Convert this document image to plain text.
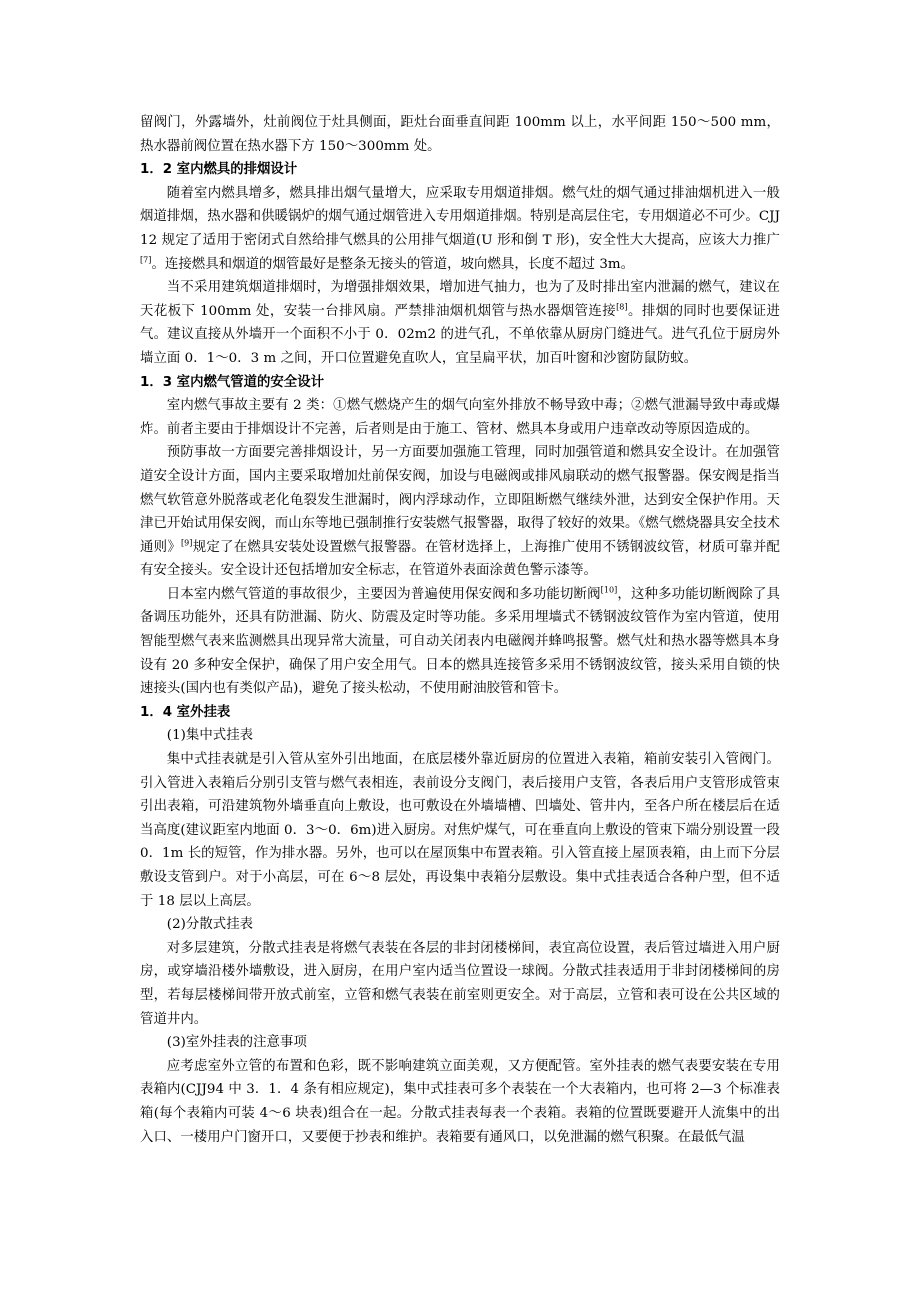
留阀门，外露墙外，灶前阀位于灶具侧面，距灶台面垂直间距 100mm 以上，水平间距 150～500 mm，热水器前阀位置在热水器下方 150～300mm 处。

1．2 室内燃具的排烟设计

随着室内燃具增多，燃具排出烟气量增大，应采取专用烟道排烟。燃气灶的烟气通过排油烟机进入一般烟道排烟，热水器和供暖锅炉的烟气通过烟管进入专用烟道排烟。特别是高层住宅，专用烟道必不可少。CJJ 12 规定了适用于密闭式自然给排气燃具的公用排气烟道(U 形和倒 T 形)，安全性大大提高，应该大力推广[7]。连接燃具和烟道的烟管最好是整条无接头的管道，坡向燃具，长度不超过 3m。

当不采用建筑烟道排烟时，为增强排烟效果，增加进气抽力，也为了及时排出室内泄漏的燃气，建议在天花板下 100mm 处，安装一台排风扇。严禁排油烟机烟管与热水器烟管连接[8]。排烟的同时也要保证进气。建议直接从外墙开一个面积不小于 0．02m2 的进气孔，不单依靠从厨房门缝进气。进气孔位于厨房外墙立面 0．1～0．3 m 之间，开口位置避免直吹人，宜呈扁平状，加百叶窗和沙窗防鼠防蚊。

1．3 室内燃气管道的安全设计

室内燃气事故主要有 2 类：①燃气燃烧产生的烟气向室外排放不畅导致中毒；②燃气泄漏导致中毒或爆炸。前者主要由于排烟设计不完善，后者则是由于施工、管材、燃具本身或用户违章改动等原因造成的。

预防事故一方面要完善排烟设计，另一方面要加强施工管理，同时加强管道和燃具安全设计。在加强管道安全设计方面，国内主要采取增加灶前保安阀，加设与电磁阀或排风扇联动的燃气报警器。保安阀是指当燃气软管意外脱落或老化龟裂发生泄漏时，阀内浮球动作，立即阻断燃气继续外泄，达到安全保护作用。天津已开始试用保安阀，而山东等地已强制推行安装燃气报警器，取得了较好的效果。《燃气燃烧器具安全技术通则》[9]规定了在燃具安装处设置燃气报警器。在管材选择上，上海推广使用不锈钢波纹管，材质可靠并配有安全接头。安全设计还包括增加安全标志，在管道外表面涂黄色警示漆等。

日本室内燃气管道的事故很少，主要因为普遍使用保安阀和多功能切断阀[10]，这种多功能切断阀除了具备调压功能外，还具有防泄漏、防火、防震及定时等功能。多采用埋墙式不锈钢波纹管作为室内管道，使用智能型燃气表来监测燃具出现异常大流量，可自动关闭表内电磁阀并蜂鸣报警。燃气灶和热水器等燃具本身设有 20 多种安全保护，确保了用户安全用气。日本的燃具连接管多采用不锈钢波纹管，接头采用自锁的快速接头(国内也有类似产品)，避免了接头松动，不使用耐油胶管和管卡。

1．4 室外挂表

(1)集中式挂表

集中式挂表就是引入管从室外引出地面，在底层楼外靠近厨房的位置进入表箱，箱前安装引入管阀门。引入管进入表箱后分别引支管与燃气表相连，表前设分支阀门，表后接用户支管，各表后用户支管形成管束引出表箱，可沿建筑物外墙垂直向上敷设，也可敷设在外墙墙槽、凹墙处、管井内，至各户所在楼层后在适当高度(建议距室内地面 0．3～0．6m)进入厨房。对焦炉煤气，可在垂直向上敷设的管束下端分别设置一段 0．1m 长的短管，作为排水器。另外，也可以在屋顶集中布置表箱。引入管直接上屋顶表箱，由上而下分层敷设支管到户。对于小高层，可在 6～8 层处，再设集中表箱分层敷设。集中式挂表适合各种户型，但不适于 18 层以上高层。

(2)分散式挂表

对多层建筑，分散式挂表是将燃气表装在各层的非封闭楼梯间，表宜高位设置，表后管过墙进入用户厨房，或穿墙沿楼外墙敷设，进入厨房，在用户室内适当位置设一球阀。分散式挂表适用于非封闭楼梯间的房型，若每层楼梯间带开放式前室，立管和燃气表装在前室则更安全。对于高层，立管和表可设在公共区域的管道井内。

(3)室外挂表的注意事项

应考虑室外立管的布置和色彩，既不影响建筑立面美观，又方便配管。室外挂表的燃气表要安装在专用表箱内(CJJ94 中 3．1．4 条有相应规定)，集中式挂表可多个表装在一个大表箱内，也可将 2—3 个标准表箱(每个表箱内可装 4～6 块表)组合在一起。分散式挂表每表一个表箱。表箱的位置既要避开人流集中的出入口、一楼用户门窗开口，又要便于抄表和维护。表箱要有通风口，以免泄漏的燃气积聚。在最低气温
